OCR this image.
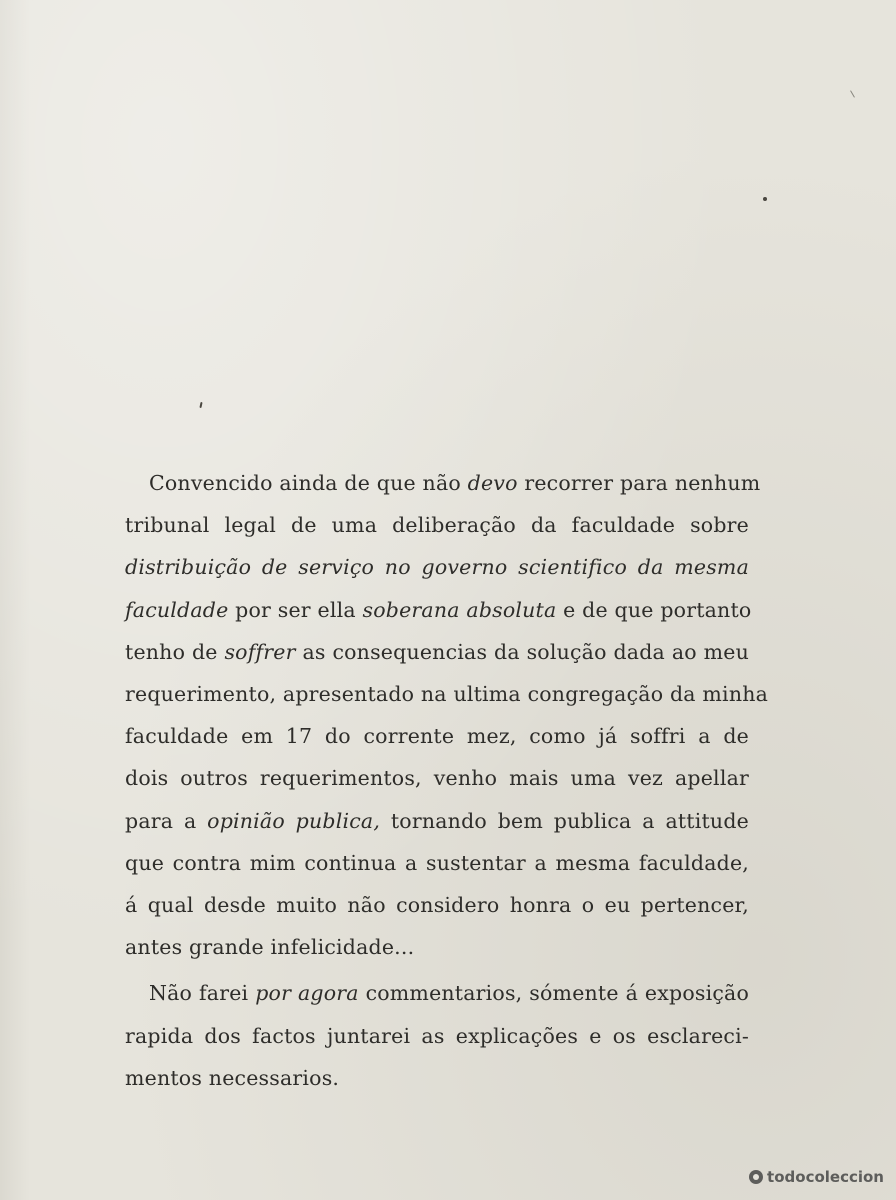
Convencido ainda de que não devo recorrer para nenhum
tribunal legal de uma deliberação da faculdade sobre
distribuição de serviço no governo scientifico da mesma
faculdade por ser ella soberana absoluta e de que portanto
tenho de soffrer as consequencias da solução dada ao meu
requerimento, apresentado na ultima congregação da minha
faculdade em 17 do corrente mez, como já soffri a de
dois outros requerimentos, venho mais uma vez apellar
para a opinião publica, tornando bem publica a attitude
que contra mim continua a sustentar a mesma faculdade,
á qual desde muito não considero honra o eu pertencer,
antes grande infelicidade...

Não farei por agora commentarios, sómente á exposição
rapida dos factos juntarei as explicações e os esclareci-
mentos necessarios.

todocoleccion
